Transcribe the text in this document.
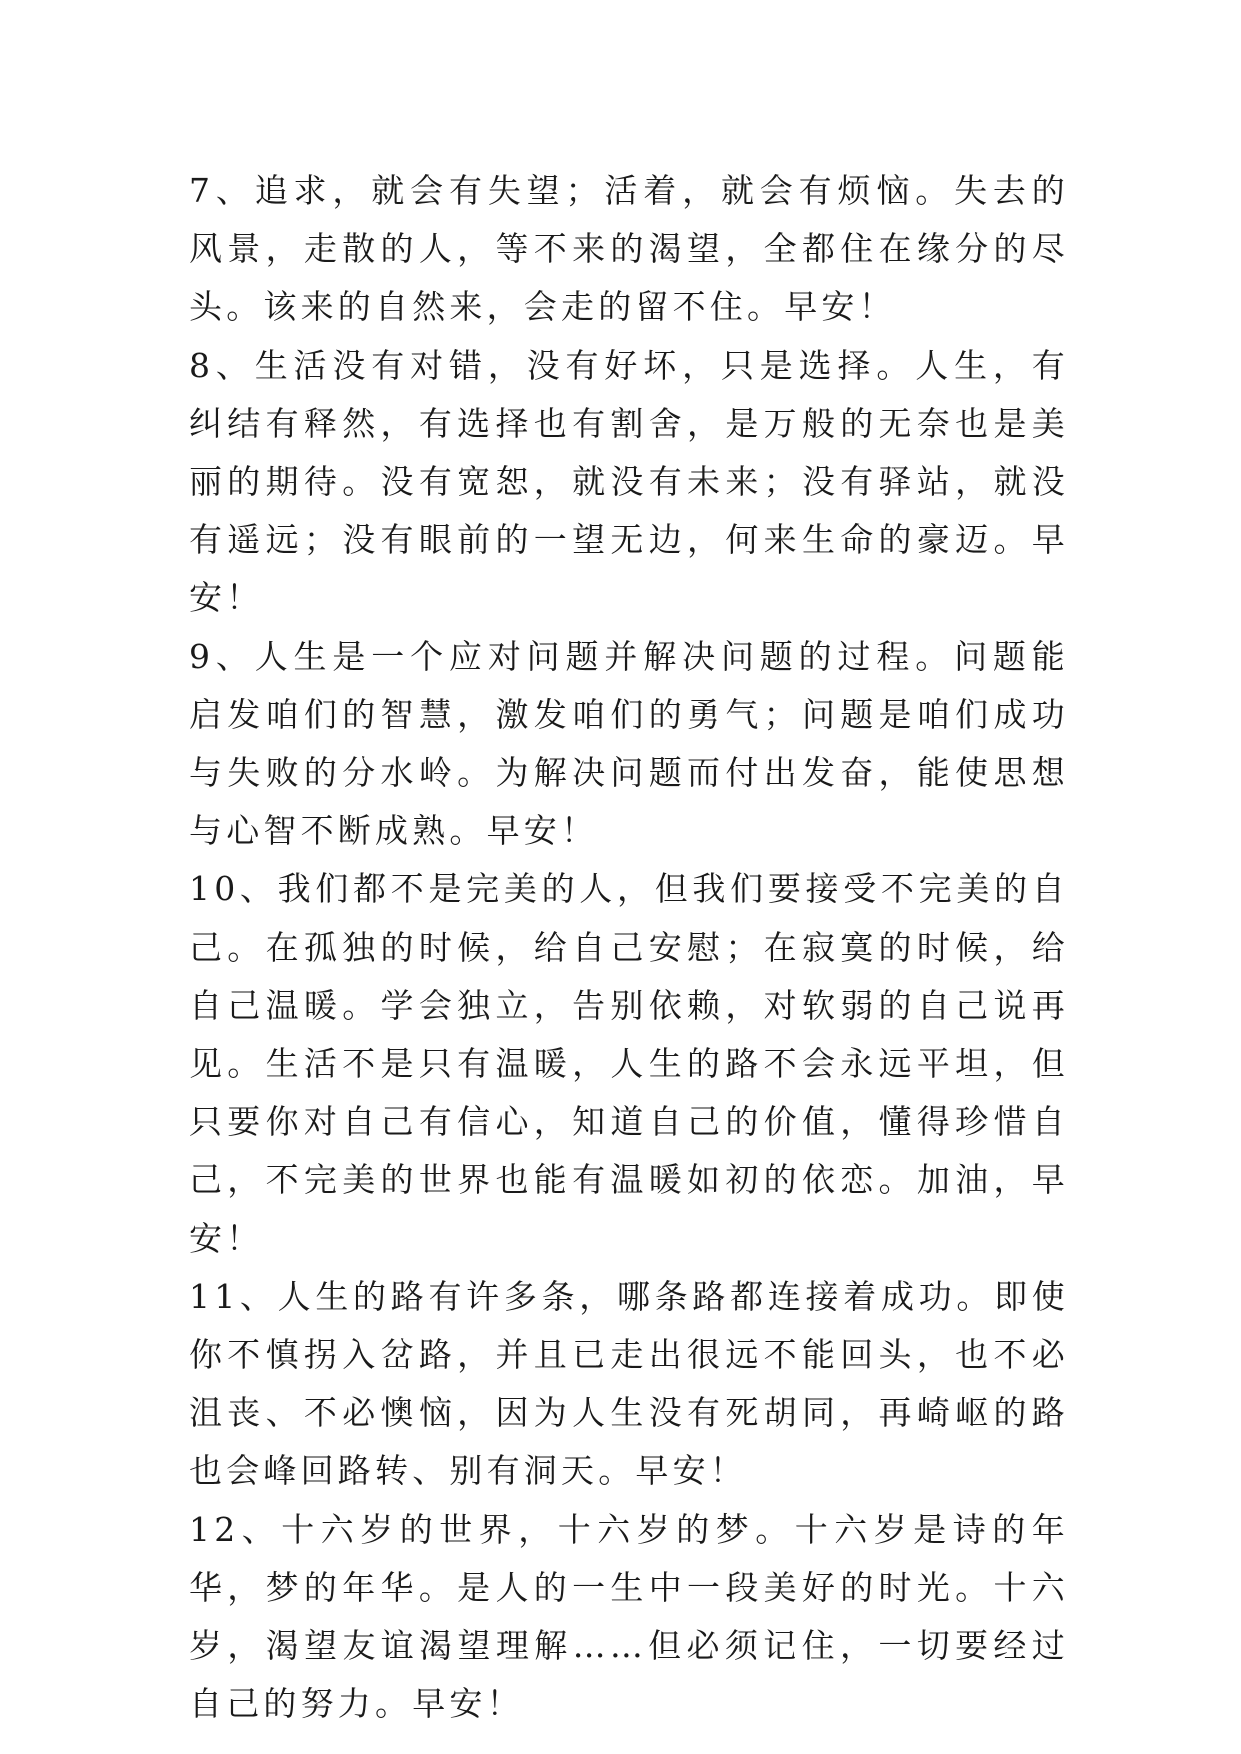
7、追求，就会有失望；活着，就会有烦恼。失去的风景，走散的人，等不来的渴望，全都住在缘分的尽头。该来的自然来，会走的留不住。早安！

8、生活没有对错，没有好坏，只是选择。人生，有纠结有释然，有选择也有割舍，是万般的无奈也是美丽的期待。没有宽恕，就没有未来；没有驿站，就没有遥远；没有眼前的一望无边，何来生命的豪迈。早安！

9、人生是一个应对问题并解决问题的过程。问题能启发咱们的智慧，激发咱们的勇气；问题是咱们成功与失败的分水岭。为解决问题而付出发奋，能使思想与心智不断成熟。早安！

10、我们都不是完美的人，但我们要接受不完美的自己。在孤独的时候，给自己安慰；在寂寞的时候，给自己温暖。学会独立，告别依赖，对软弱的自己说再见。生活不是只有温暖，人生的路不会永远平坦，但只要你对自己有信心，知道自己的价值，懂得珍惜自己，不完美的世界也能有温暖如初的依恋。加油，早安！

11、人生的路有许多条，哪条路都连接着成功。即使你不慎拐入岔路，并且已走出很远不能回头，也不必沮丧、不必懊恼，因为人生没有死胡同，再崎岖的路也会峰回路转、别有洞天。早安！

12、十六岁的世界，十六岁的梦。十六岁是诗的年华，梦的年华。是人的一生中一段美好的时光。十六岁，渴望友谊渴望理解……但必须记住，一切要经过自己的努力。早安！
